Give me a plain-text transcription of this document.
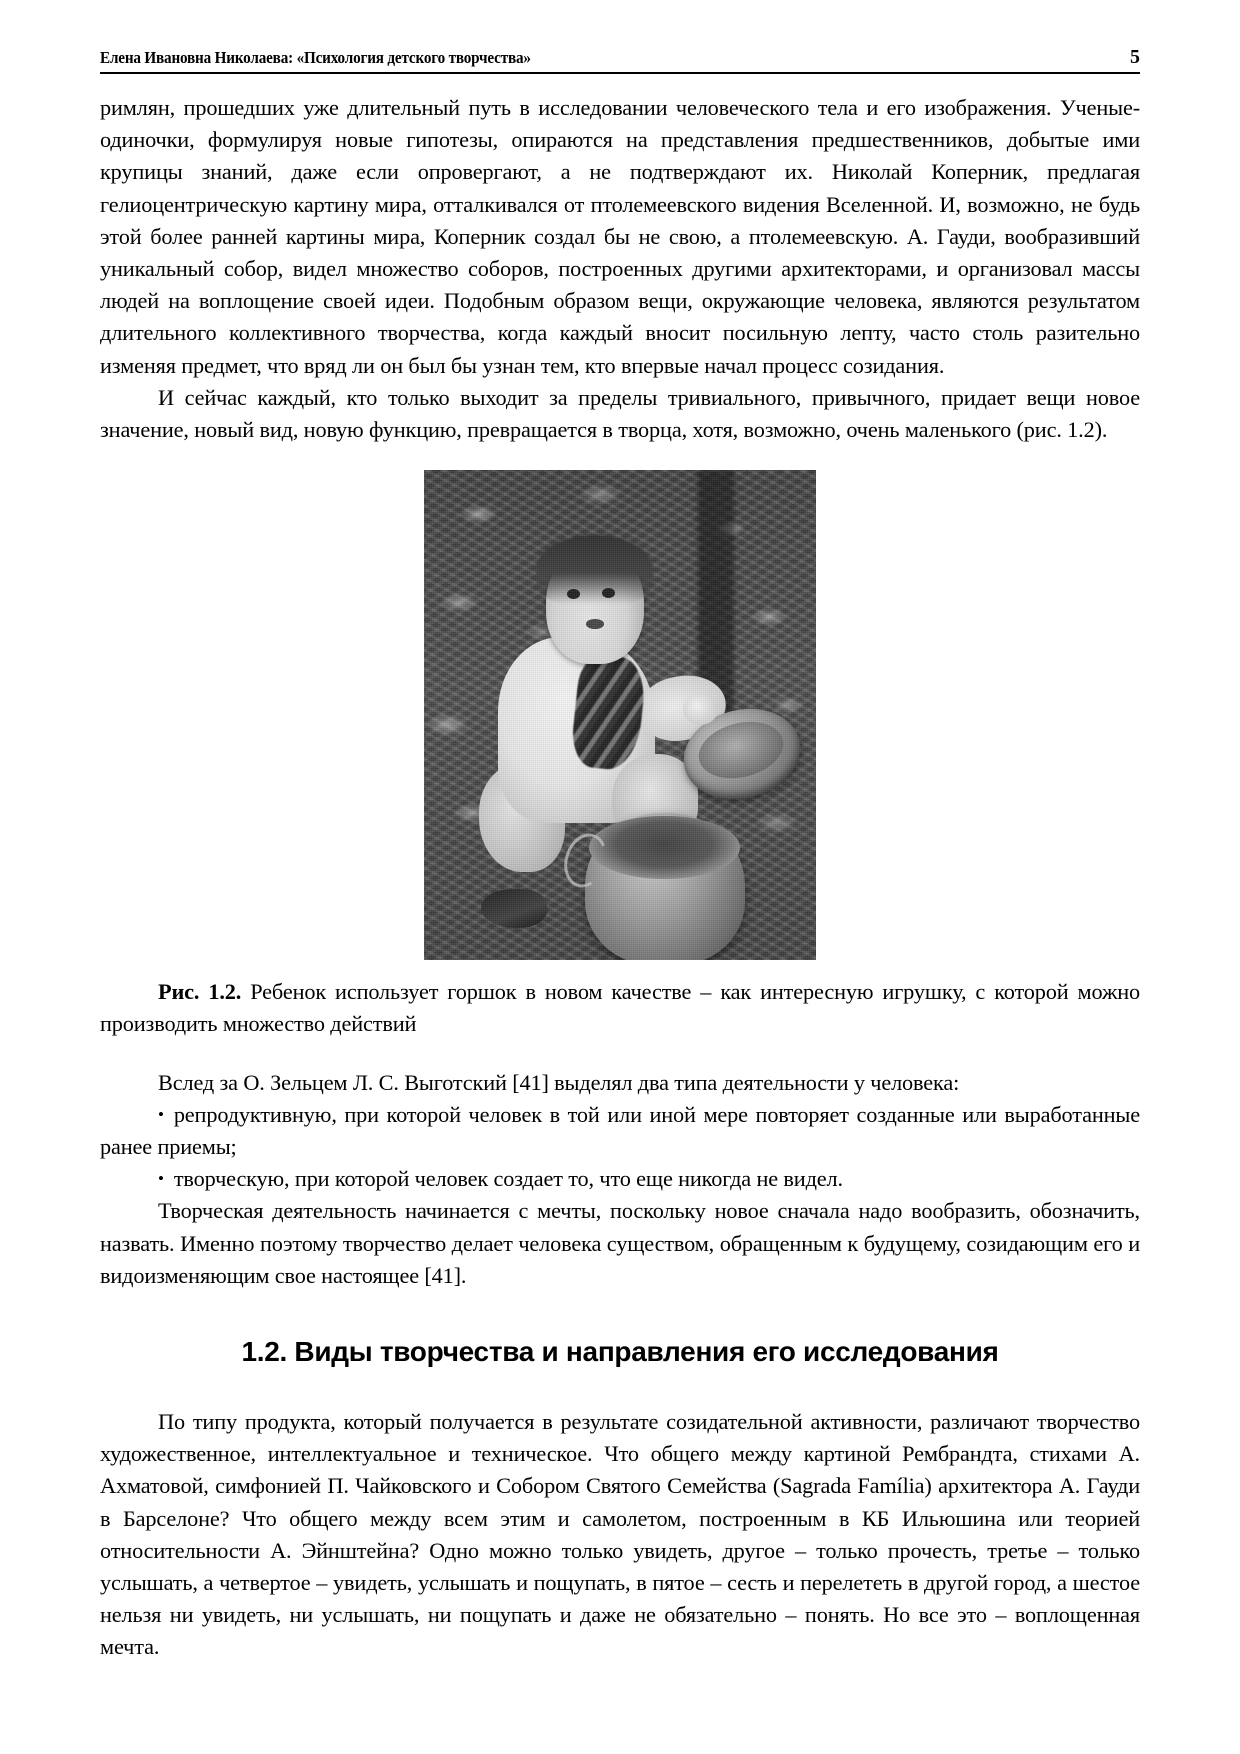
Елена Ивановна Николаева: «Психология детского творчества»	5

римлян, прошедших уже длительный путь в исследовании человеческого тела и его изображения. Ученые-одиночки, формулируя новые гипотезы, опираются на представления предшественников, добытые ими крупицы знаний, даже если опровергают, а не подтверждают их. Николай Коперник, предлагая гелиоцентрическую картину мира, отталкивался от птолемеевского видения Вселенной. И, возможно, не будь этой более ранней картины мира, Коперник создал бы не свою, а птолемеевскую. А. Гауди, вообразивший уникальный собор, видел множество соборов, построенных другими архитекторами, и организовал массы людей на воплощение своей идеи. Подобным образом вещи, окружающие человека, являются результатом длительного коллективного творчества, когда каждый вносит посильную лепту, часто столь разительно изменяя предмет, что вряд ли он был бы узнан тем, кто впервые начал процесс созидания.

И сейчас каждый, кто только выходит за пределы тривиального, привычного, придает вещи новое значение, новый вид, новую функцию, превращается в творца, хотя, возможно, очень маленького (рис. 1.2).

Рис. 1.2. Ребенок использует горшок в новом качестве – как интересную игрушку, с которой можно производить множество действий

Вслед за О. Зельцем Л. С. Выготский [41] выделял два типа деятельности у человека:

• репродуктивную, при которой человек в той или иной мере повторяет созданные или выработанные ранее приемы;

• творческую, при которой человек создает то, что еще никогда не видел.

Творческая деятельность начинается с мечты, поскольку новое сначала надо вообразить, обозначить, назвать. Именно поэтому творчество делает человека существом, обращенным к будущему, созидающим его и видоизменяющим свое настоящее [41].

1.2. Виды творчества и направления его исследования

По типу продукта, который получается в результате созидательной активности, различают творчество художественное, интеллектуальное и техническое. Что общего между картиной Рембрандта, стихами А. Ахматовой, симфонией П. Чайковского и Собором Святого Семейства (Sagrada Família) архитектора А. Гауди в Барселоне? Что общего между всем этим и самолетом, построенным в КБ Ильюшина или теорией относительности А. Эйнштейна? Одно можно только увидеть, другое – только прочесть, третье – только услышать, а четвертое – увидеть, услышать и пощупать, в пятое – сесть и перелететь в другой город, а шестое нельзя ни увидеть, ни услышать, ни пощупать и даже не обязательно – понять. Но все это – воплощенная мечта.
